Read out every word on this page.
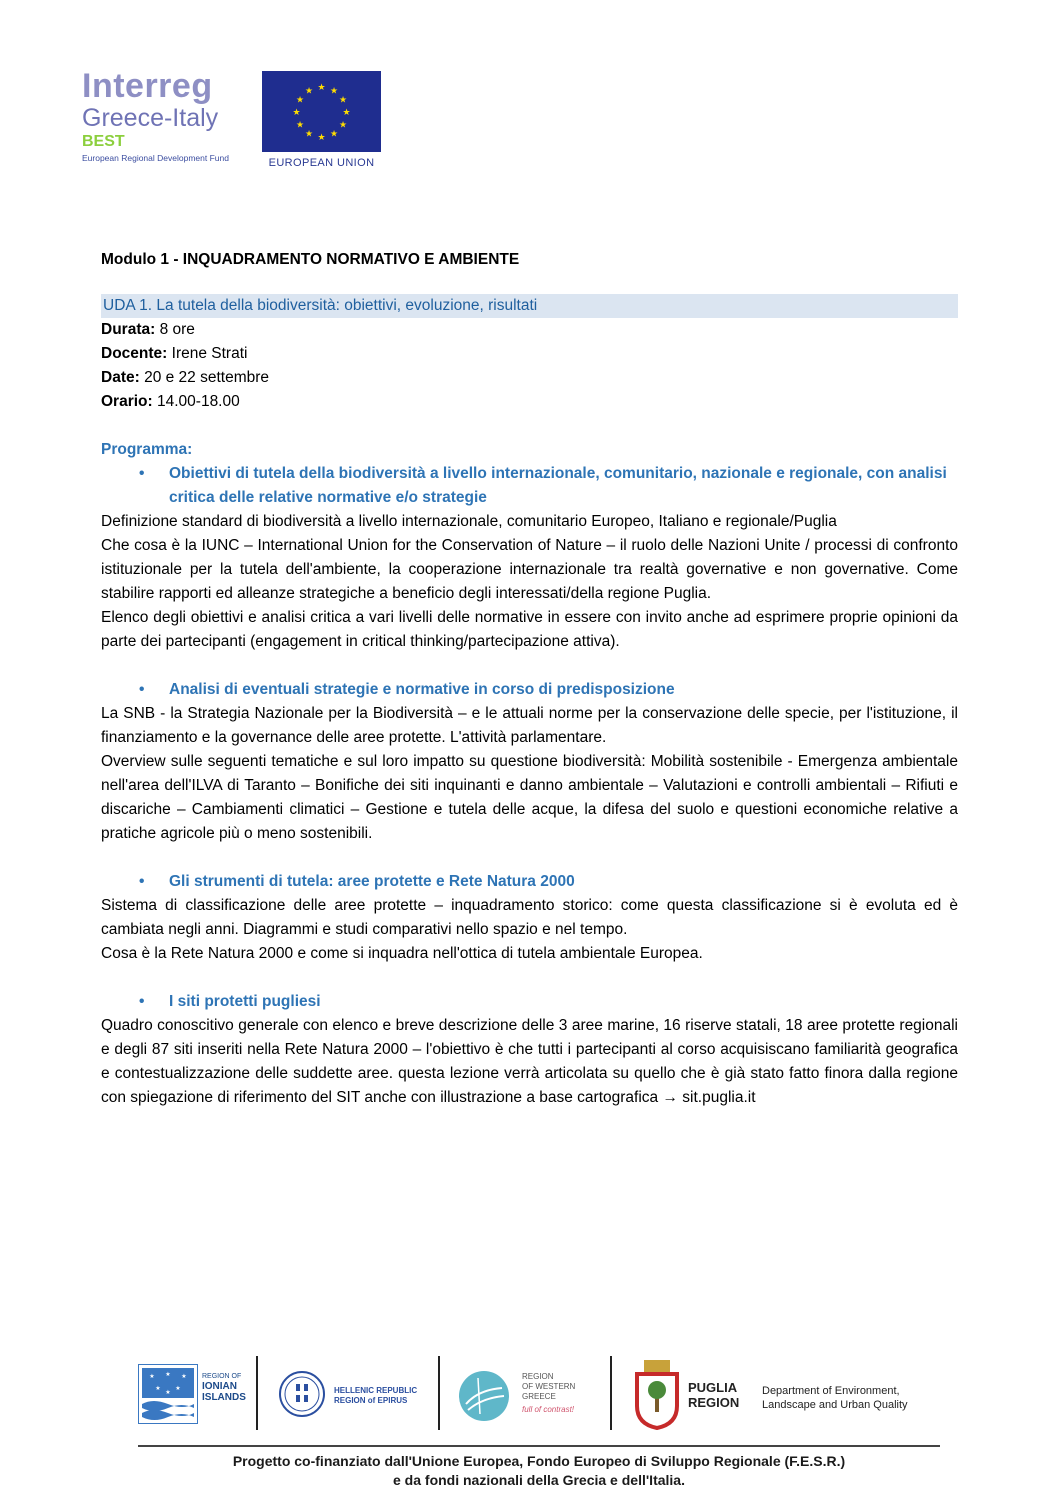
Interreg
Greece-Italy
BEST
European Regional Development Fund
★ ★
★
★
★
★
★
★
★
★
★
★
EUROPEAN UNION
Modulo 1 - INQUADRAMENTO NORMATIVO E AMBIENTE
UDA 1. La tutela della biodiversità: obiettivi, evoluzione, risultati
Durata: 8 ore
Docente: Irene Strati
Date: 20 e 22 settembre
Orario: 14.00-18.00
Programma:
• Obiettivi di tutela della biodiversità a livello internazionale, comunitario, nazionale e regionale, con analisi critica delle relative normative e/o strategie
Definizione standard di biodiversità a livello internazionale, comunitario Europeo, Italiano e regionale/Puglia
Che cosa è la IUNC – International Union for the Conservation of Nature – il ruolo delle Nazioni Unite / processi di confronto istituzionale per la tutela dell'ambiente, la cooperazione internazionale tra realtà governative e non governative. Come stabilire rapporti ed alleanze strategiche a beneficio degli interessati/della regione Puglia.
Elenco degli obiettivi e analisi critica a vari livelli delle normative in essere con invito anche ad esprimere proprie opinioni da parte dei partecipanti (engagement in critical thinking/partecipazione attiva).
• Analisi di eventuali strategie e normative in corso di predisposizione
La SNB - la Strategia Nazionale per la Biodiversità – e le attuali norme per la conservazione delle specie, per l'istituzione, il finanziamento e la governance delle aree protette. L'attività parlamentare.
Overview sulle seguenti tematiche e sul loro impatto su questione biodiversità: Mobilità sostenibile - Emergenza ambientale nell'area dell'ILVA di Taranto – Bonifiche dei siti inquinanti e danno ambientale – Valutazioni e controlli ambientali – Rifiuti e discariche – Cambiamenti climatici – Gestione e tutela delle acque, la difesa del suolo e questioni economiche relative a pratiche agricole più o meno sostenibili.
• Gli strumenti di tutela: aree protette e Rete Natura 2000
Sistema di classificazione delle aree protette – inquadramento storico: come questa classificazione si è evoluta ed è cambiata negli anni. Diagrammi e studi comparativi nello spazio e nel tempo.
Cosa è la Rete Natura 2000 e come si inquadra nell'ottica di tutela ambientale Europea.
• I siti protetti pugliesi
Quadro conoscitivo generale con elenco e breve descrizione delle 3 aree marine, 16 riserve statali, 18 aree protette regionali e degli 87 siti inseriti nella Rete Natura 2000 – l'obiettivo è che tutti i partecipanti al corso acquisiscano familiarità geografica e contestualizzazione delle suddette aree. questa lezione verrà articolata su quello che è già stato fatto finora dalla regione con spiegazione di riferimento del SIT anche con illustrazione a base cartografica → sit.puglia.it
★ ★ ★
★ ★
★
REGION OF
IONIAN
ISLANDS
HELLENIC REPUBLIC
REGION of EPIRUS
REGION
OF WESTERN
GREECE
full of contrast!
PUGLIA
REGION
Department of Environment,
Landscape and Urban Quality
Progetto co-finanziato dall'Unione Europea, Fondo Europeo di Sviluppo Regionale (F.E.S.R.)
e da fondi nazionali della Grecia e dell'Italia.
